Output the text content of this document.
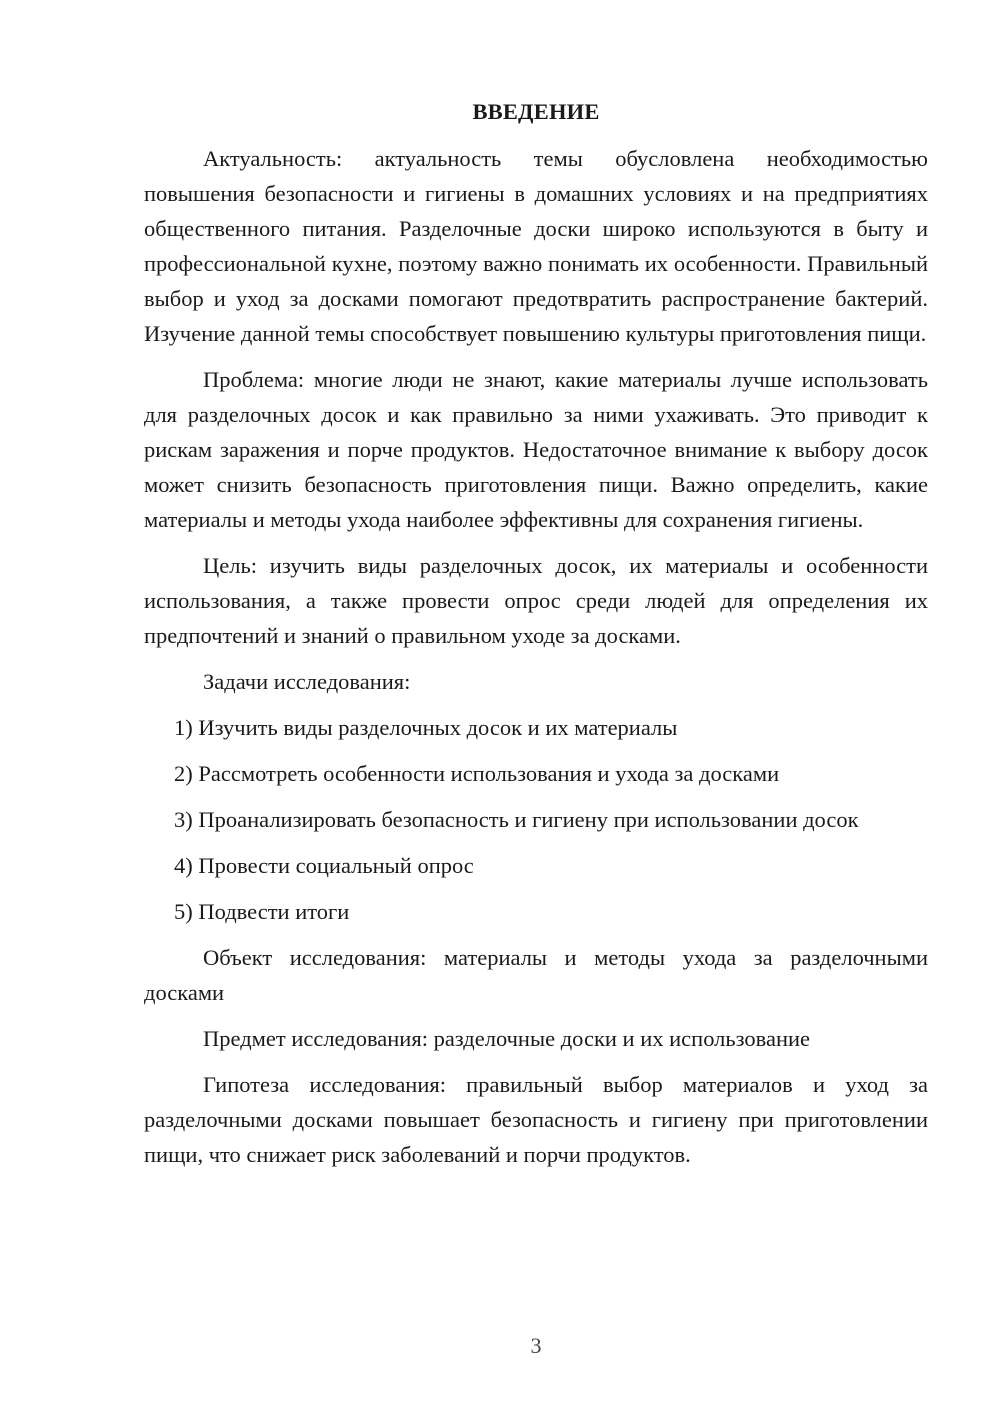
ВВЕДЕНИЕ

Актуальность: актуальность темы обусловлена необходимостью повышения безопасности и гигиены в домашних условиях и на предприятиях общественного питания. Разделочные доски широко используются в быту и профессиональной кухне, поэтому важно понимать их особенности. Правильный выбор и уход за досками помогают предотвратить распространение бактерий. Изучение данной темы способствует повышению культуры приготовления пищи.

Проблема: многие люди не знают, какие материалы лучше использовать для разделочных досок и как правильно за ними ухаживать. Это приводит к рискам заражения и порче продуктов. Недостаточное внимание к выбору досок может снизить безопасность приготовления пищи. Важно определить, какие материалы и методы ухода наиболее эффективны для сохранения гигиены.

Цель: изучить виды разделочных досок, их материалы и особенности использования, а также провести опрос среди людей для определения их предпочтений и знаний о правильном уходе за досками.

Задачи исследования:

1) Изучить виды разделочных досок и их материалы

2) Рассмотреть особенности использования и ухода за досками

3) Проанализировать безопасность и гигиену при использовании досок

4) Провести социальный опрос

5) Подвести итоги

Объект исследования: материалы и методы ухода за разделочными досками

Предмет исследования: разделочные доски и их использование

Гипотеза исследования: правильный выбор материалов и уход за разделочными досками повышает безопасность и гигиену при приготовлении пищи, что снижает риск заболеваний и порчи продуктов.

3
